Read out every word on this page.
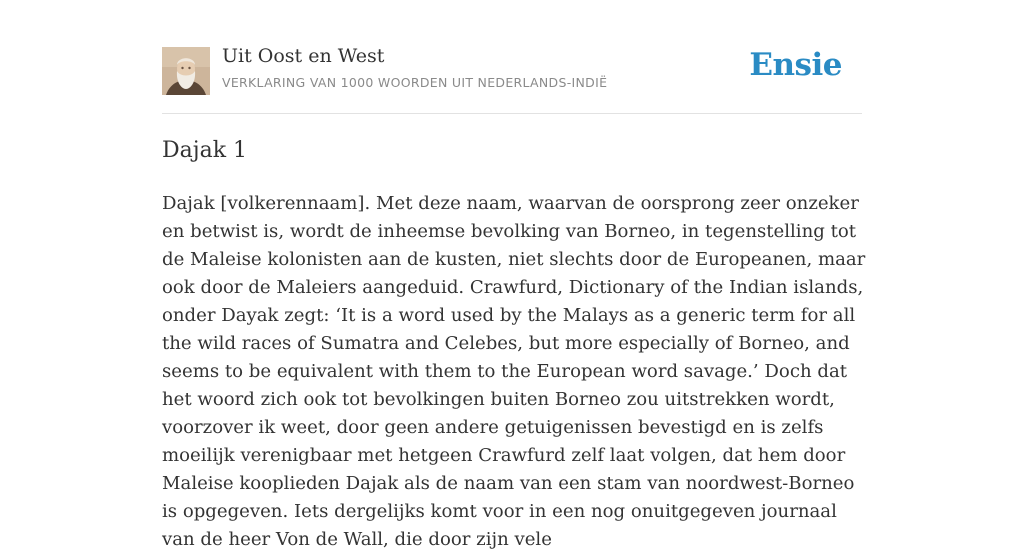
Uit Oost en West
VERKLARING VAN 1000 WOORDEN UIT NEDERLANDS-INDIË	Ensie
Dajak 1

Dajak [volkerennaam]. Met deze naam, waarvan de oorsprong zeer onzeker en betwist is, wordt de inheemse bevolking van Borneo, in tegenstelling tot de Maleise kolonisten aan de kusten, niet slechts door de Europeanen, maar ook door de Maleiers aangeduid. Crawfurd, Dictionary of the Indian islands, onder Dayak zegt: ‘It is a word used by the Malays as a generic term for all the wild races of Sumatra and Celebes, but more especially of Borneo, and seems to be equivalent with them to the European word savage.’ Doch dat het woord zich ook tot bevolkingen buiten Borneo zou uitstrekken wordt, voorzover ik weet, door geen andere getuigenissen bevestigd en is zelfs moeilijk verenigbaar met hetgeen Crawfurd zelf laat volgen, dat hem door Maleise kooplieden Dajak als de naam van een stam van noordwest-Borneo is opgegeven. Iets dergelijks komt voor in een nog onuitgegeven journaal van de heer Von de Wall, die door zijn vele
